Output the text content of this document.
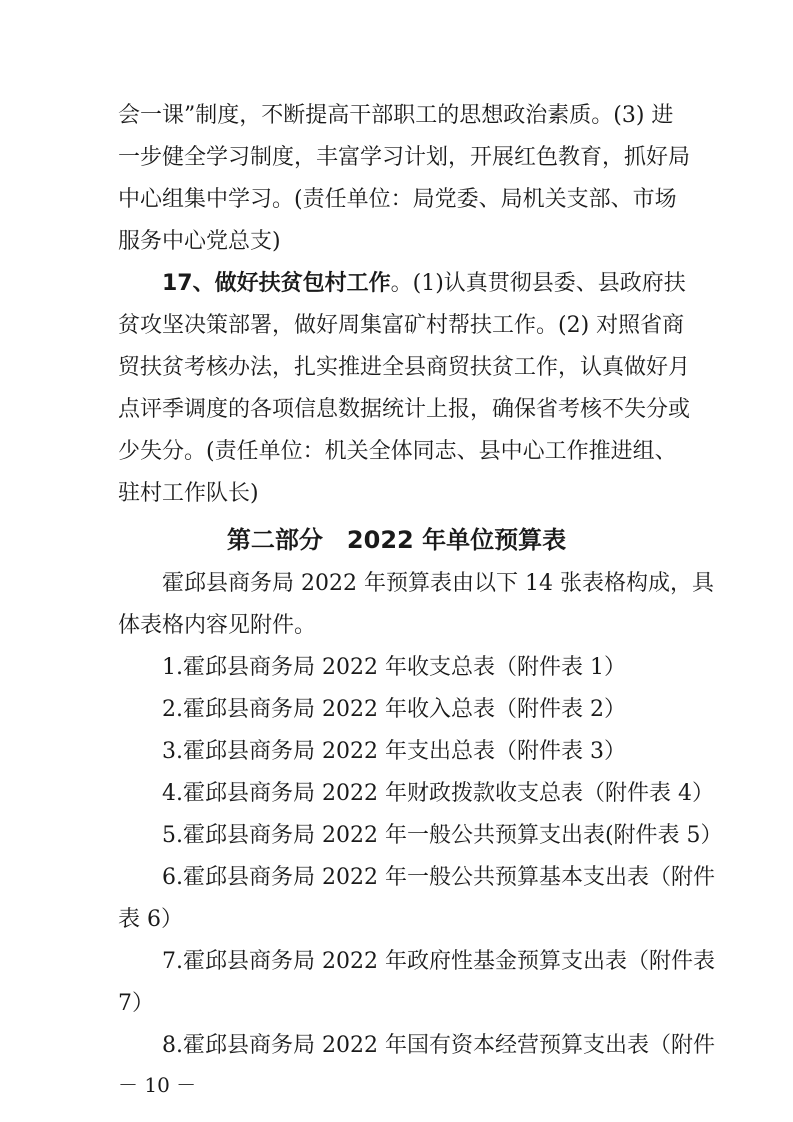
会一课”制度，不断提高干部职工的思想政治素质。(3) 进
一步健全学习制度，丰富学习计划，开展红色教育，抓好局
中心组集中学习。(责任单位：局党委、局机关支部、市场
服务中心党总支)
17、做好扶贫包村工作。(1)认真贯彻县委、县政府扶
贫攻坚决策部署，做好周集富矿村帮扶工作。(2) 对照省商
贸扶贫考核办法，扎实推进全县商贸扶贫工作，认真做好月
点评季调度的各项信息数据统计上报，确保省考核不失分或
少失分。(责任单位：机关全体同志、县中心工作推进组、
驻村工作队长)
第二部分　2022 年单位预算表
霍邱县商务局 2022 年预算表由以下 14 张表格构成，具
体表格内容见附件。
1.霍邱县商务局 2022 年收支总表（附件表 1）
2.霍邱县商务局 2022 年收入总表（附件表 2）
3.霍邱县商务局 2022 年支出总表（附件表 3）
4.霍邱县商务局 2022 年财政拨款收支总表（附件表 4）
5.霍邱县商务局 2022 年一般公共预算支出表(附件表 5）
6.霍邱县商务局 2022 年一般公共预算基本支出表（附件
表 6）
7.霍邱县商务局 2022 年政府性基金预算支出表（附件表
7）
8.霍邱县商务局 2022 年国有资本经营预算支出表（附件
－ 10 －
